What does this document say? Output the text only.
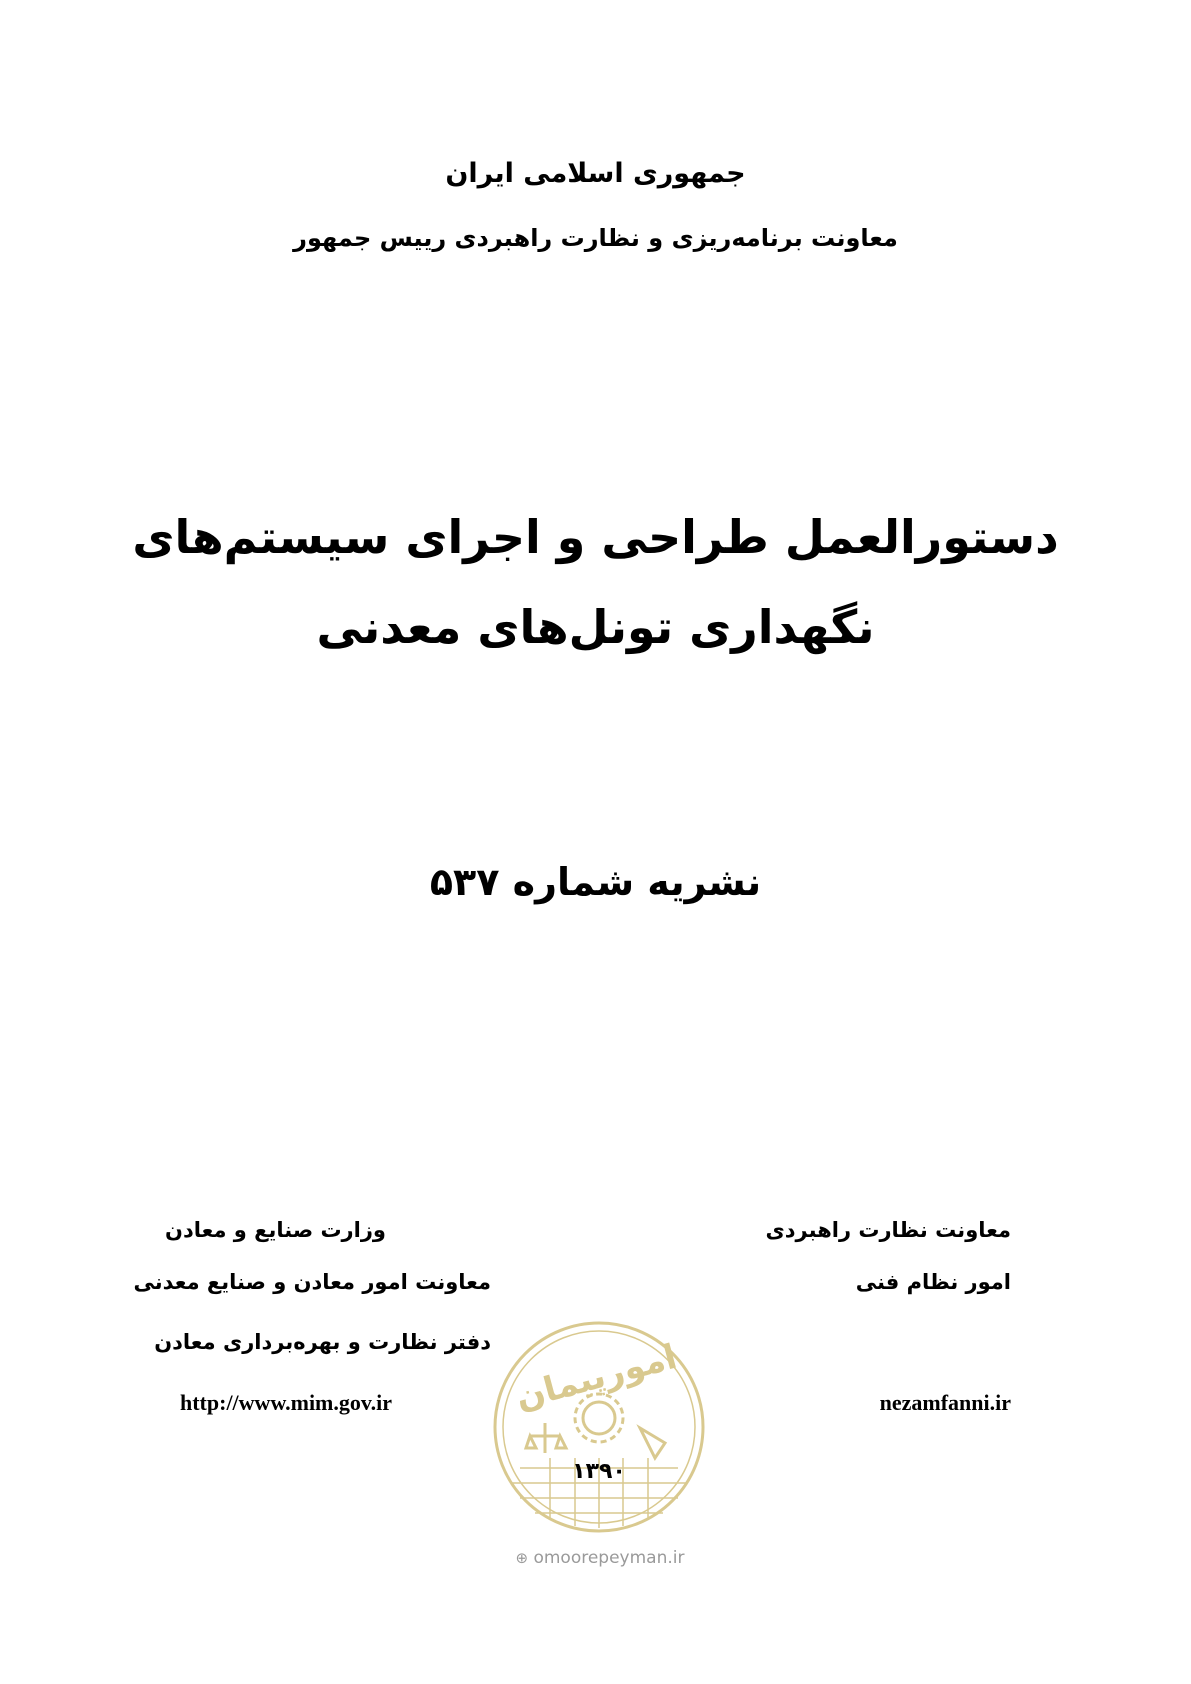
جمهوری اسلامی ایران
معاونت برنامه‌ریزی و نظارت راهبردی رییس جمهور
دستورالعمل طراحی و اجرای سیستم‌های
نگهداری تونل‌های معدنی
نشریه شماره ۵۳۷
معاونت نظارت راهبردی
امور نظام فنی
nezamfanni.ir
وزارت صنایع و معادن
معاونت امور معادن و صنایع معدنی
دفتر نظارت و بهره‌برداری معادن
http://www.mim.gov.ir	امورپیمان
۱۳۹۰
⊕ omoorepeyman.ir
